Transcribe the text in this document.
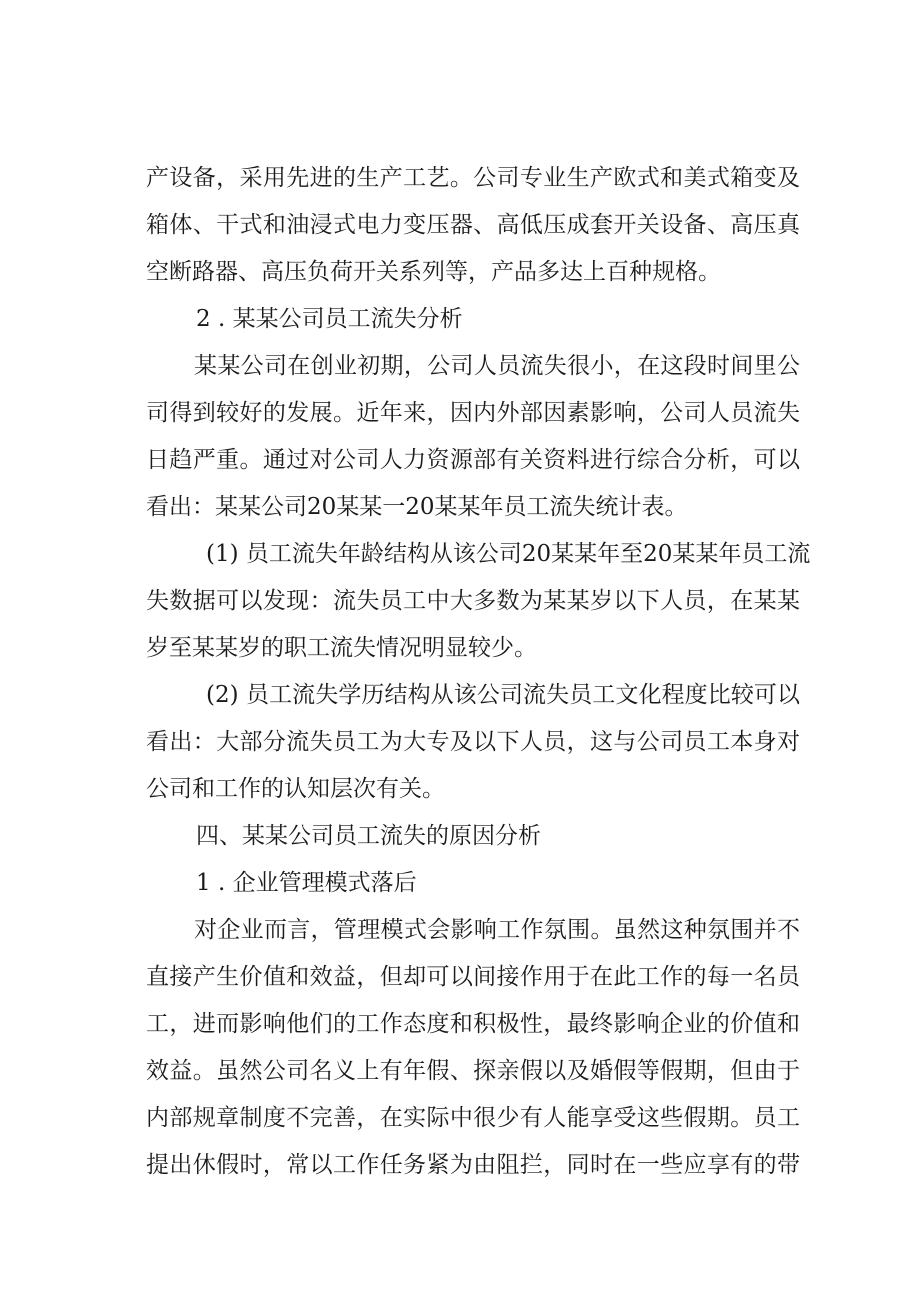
产设备，采用先进的生产工艺。公司专业生产欧式和美式箱变及
箱体、干式和油浸式电力变压器、高低压成套开关设备、高压真
空断路器、高压负荷开关系列等，产品多达上百种规格。
2 . 某某公司员工流失分析
某某公司在创业初期，公司人员流失很小，在这段时间里公
司得到较好的发展。近年来，因内外部因素影响，公司人员流失
日趋严重。通过对公司人力资源部有关资料进行综合分析，可以
看出：某某公司20某某一20某某年员工流失统计表。
(1) 员工流失年龄结构从该公司20某某年至20某某年员工流
失数据可以发现：流失员工中大多数为某某岁以下人员，在某某
岁至某某岁的职工流失情况明显较少。
(2) 员工流失学历结构从该公司流失员工文化程度比较可以
看出：大部分流失员工为大专及以下人员，这与公司员工本身对
公司和工作的认知层次有关。
四、某某公司员工流失的原因分析
1 . 企业管理模式落后
对企业而言，管理模式会影响工作氛围。虽然这种氛围并不
直接产生价值和效益，但却可以间接作用于在此工作的每一名员
工，进而影响他们的工作态度和积极性，最终影响企业的价值和
效益。虽然公司名义上有年假、探亲假以及婚假等假期，但由于
内部规章制度不完善，在实际中很少有人能享受这些假期。员工
提出休假时，常以工作任务紧为由阻拦，同时在一些应享有的带
